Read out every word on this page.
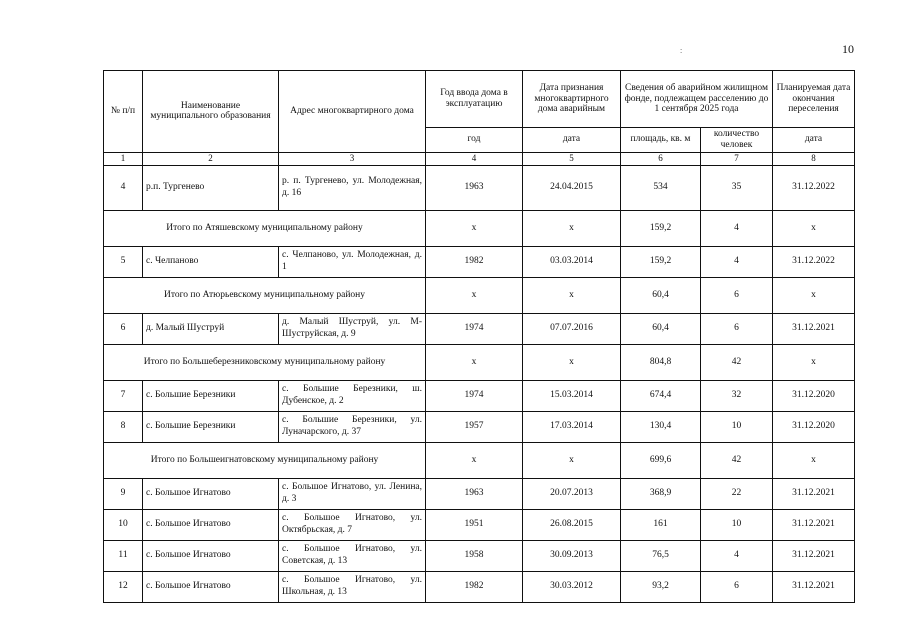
10
:
№ п/п	Наименование муниципального образования	Адрес многоквартирного дома	Год ввода дома в эксплуатацию	Дата признания многоквартирного дома аварийным	Сведения об аварийном жилищном фонде, подлежащем расселению до 1 сентября 2025 года		Планируемая дата окончания переселения
			год	дата	площадь, кв. м	количество человек	дата
1	2	3	4	5	6	7	8
4	р.п. Тургенево	р. п. Тургенево, ул. Молодежная, д. 16	1963	24.04.2015	534	35	31.12.2022
Итого по Атяшевскому муниципальному району			х	х	159,2	4	х
5	с. Челпаново	с. Челпаново, ул. Молодежная, д. 1	1982	03.03.2014	159,2	4	31.12.2022
Итого по Атюрьевскому муниципальному району			х	х	60,4	6	х
6	д. Малый Шуструй	д. Малый Шуструй, ул. М-Шуструйская, д. 9	1974	07.07.2016	60,4	6	31.12.2021
Итого по Большеберезниковскому муниципальному району			х	х	804,8	42	х
7	с. Большие Березники	с. Большие Березники, ш. Дубенское, д. 2	1974	15.03.2014	674,4	32	31.12.2020
8	с. Большие Березники	с. Большие Березники, ул. Луначарского, д. 37	1957	17.03.2014	130,4	10	31.12.2020
Итого по Большеигнатовскому муниципальному району			х	х	699,6	42	х
9	с. Большое Игнатово	с. Большое Игнатово, ул. Ленина, д. 3	1963	20.07.2013	368,9	22	31.12.2021
10	с. Большое Игнатово	с. Большое Игнатово, ул. Октябрьская, д. 7	1951	26.08.2015	161	10	31.12.2021
11	с. Большое Игнатово	с. Большое Игнатово, ул. Советская, д. 13	1958	30.09.2013	76,5	4	31.12.2021
12	с. Большое Игнатово	с. Большое Игнатово, ул. Школьная, д. 13	1982	30.03.2012	93,2	6	31.12.2021
